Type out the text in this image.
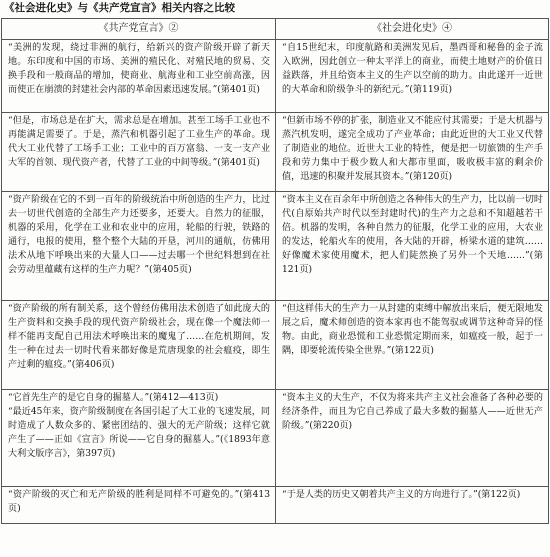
《社会进化史》与《共产党宣言》相关内容之比较
《共产党宣言》②	《社会进化史》④

“美洲的发现，绕过非洲的航行，给新兴的资产阶级开辟了新天地。东印度和中国的市场、美洲的殖民化、对殖民地的贸易、交换手段和一般商品的增加，使商业、航海业和工业空前高涨，因而使正在崩溃的封建社会内部的革命因素迅速发展。”(第401页)	“自15世纪末，印度航路和美洲发见后，墨西哥和秘鲁的金子流入欧洲，因此创立一种太平洋上的商业，而使土地财产的价值日益跌落，并且给资本主义的生产以空前的助力。由此遂开一近世的大革命和阶级争斗的新纪元。”(第119页)

“但是，市场总是在扩大，需求总是在增加。甚至工场手工业也不再能满足需要了。于是，蒸汽和机器引起了工业生产的革命。现代大工业代替了工场手工业；工业中的百万富翁、一支一支产业大军的首领、现代资产者，代替了工业的中间等级。”(第401页)	“但新市场不停的扩张，制造业又不能应付其需要；于是大机器与蒸汽机发明，遂完全成功了产业革命；由此近世的大工业又代替了制造业的地位。近世大工业的特性，便是把一切旅馈的生产手段和劳力集中于极少数人和大都市里面，吸收极丰富的剩余价值，迅速的积聚并发展其资本。”(第120页)

“资产阶级在它的不到一百年的阶级统治中所创造的生产力，比过去一切世代创造的全部生产力还要多，还要大。自然力的征服，机器的采用，化学在工业和农业中的应用，轮船的行驶，铁路的通行，电报的使用，整个整个大陆的开垦，河川的通航，仿佛用法术从地下呼唤出来的大量人口——过去哪一个世纪料想到在社会劳动里蕴藏有这样的生产力呢？”(第405页)	“资本主义在百余年中所创造之各种伟大的生产力，比以前一切时代(自原始共产时代以至封建时代)的生产力之总和不知超越若干倍。机器的发明，各种自然力的征服，化学工业的应用，大农业的发达，轮船火车的使用，各大陆的开辟，桥梁水道的建筑……好像魔术家使用魔术，把人们陡然换了另外一个天地……”(第121页)

“资产阶级的所有制关系，这个曾经仿佛用法术创造了如此庞大的生产资料和交换手段的现代资产阶级社会，现在像一个魔法师一样不能再支配自己用法术呼唤出来的魔鬼了……在危机期间，发生一种在过去一切时代看来都好像是荒唐现象的社会瘟疫，即生产过剩的瘟疫。”(第406页)	“但这样伟大的生产力一从封建的束缚中解放出来后，便无限地发展之后，魔术师创造的资本家再也不能驾驭或调节这种奇异的怪物。由此，商业恐慌和工业恐慌定期而来，如瘟疫一般，起于一隅，即要轮流传染全世界。”(第122页)

“它首先生产的是它自身的掘墓人。”(第412—413页)
“最近45年来，资产阶级制度在各国引起了大工业的飞速发展，同时造成了人数众多的、紧密团结的、强大的无产阶级；这样它就产生了——正如《宣言》所说——它自身的掘墓人。”(《1893年意大利文版序言》，第397页)	“资本主义的大生产，不仅为将来共产主义社会准备了各种必要的经济条件，而且为它自己养成了最大多数的掘墓人——近世无产阶级。”(第220页)

“资产阶级的灭亡和无产阶级的胜利是同样不可避免的。”(第413页)	“于是人类的历史又朝着共产主义的方向进行了。”(第122页)
